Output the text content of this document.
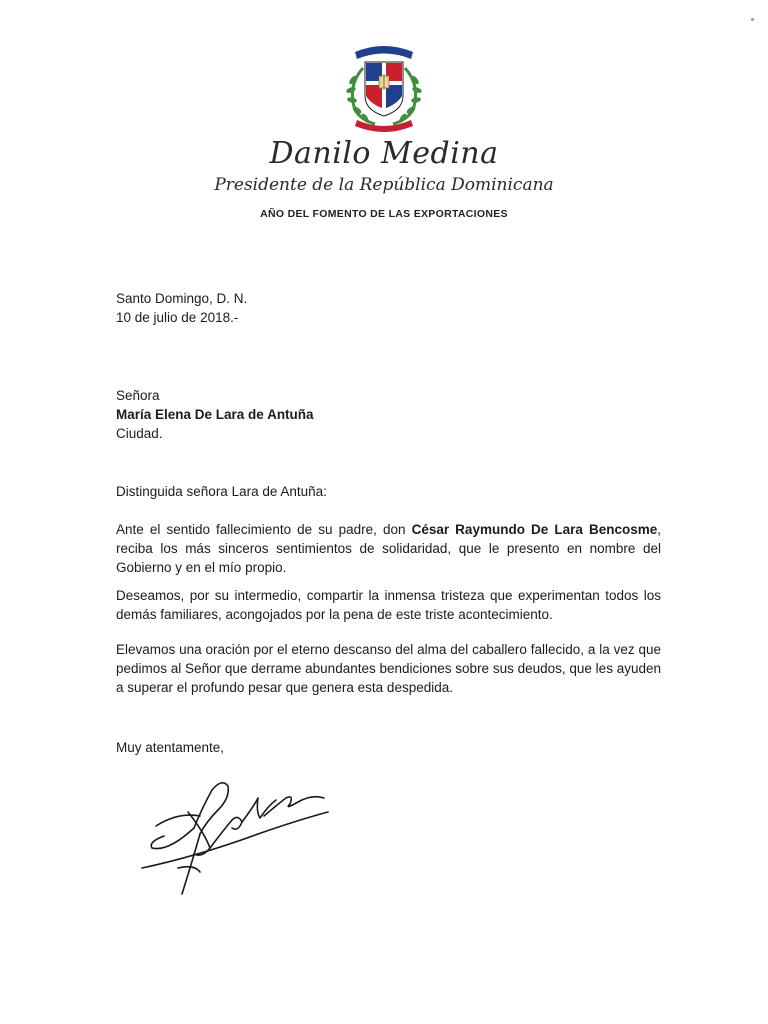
Danilo Medina
Presidente de la República Dominicana
AÑO DEL FOMENTO DE LAS EXPORTACIONES
Santo Domingo, D. N.
10 de julio de 2018.-
Señora
María Elena De Lara de Antuña
Ciudad.
Distinguida señora Lara de Antuña:

Ante el sentido fallecimiento de su padre, don César Raymundo De Lara Bencosme, reciba los más sinceros sentimientos de solidaridad, que le presento en nombre del Gobierno y en el mío propio.

Deseamos, por su intermedio, compartir la inmensa tristeza que experimentan todos los demás familiares, acongojados por la pena de este triste acontecimiento.

Elevamos una oración por el eterno descanso del alma del caballero fallecido, a la vez que pedimos al Señor que derrame abundantes bendiciones sobre sus deudos, que les ayuden a superar el profundo pesar que genera esta despedida.

Muy atentamente,
